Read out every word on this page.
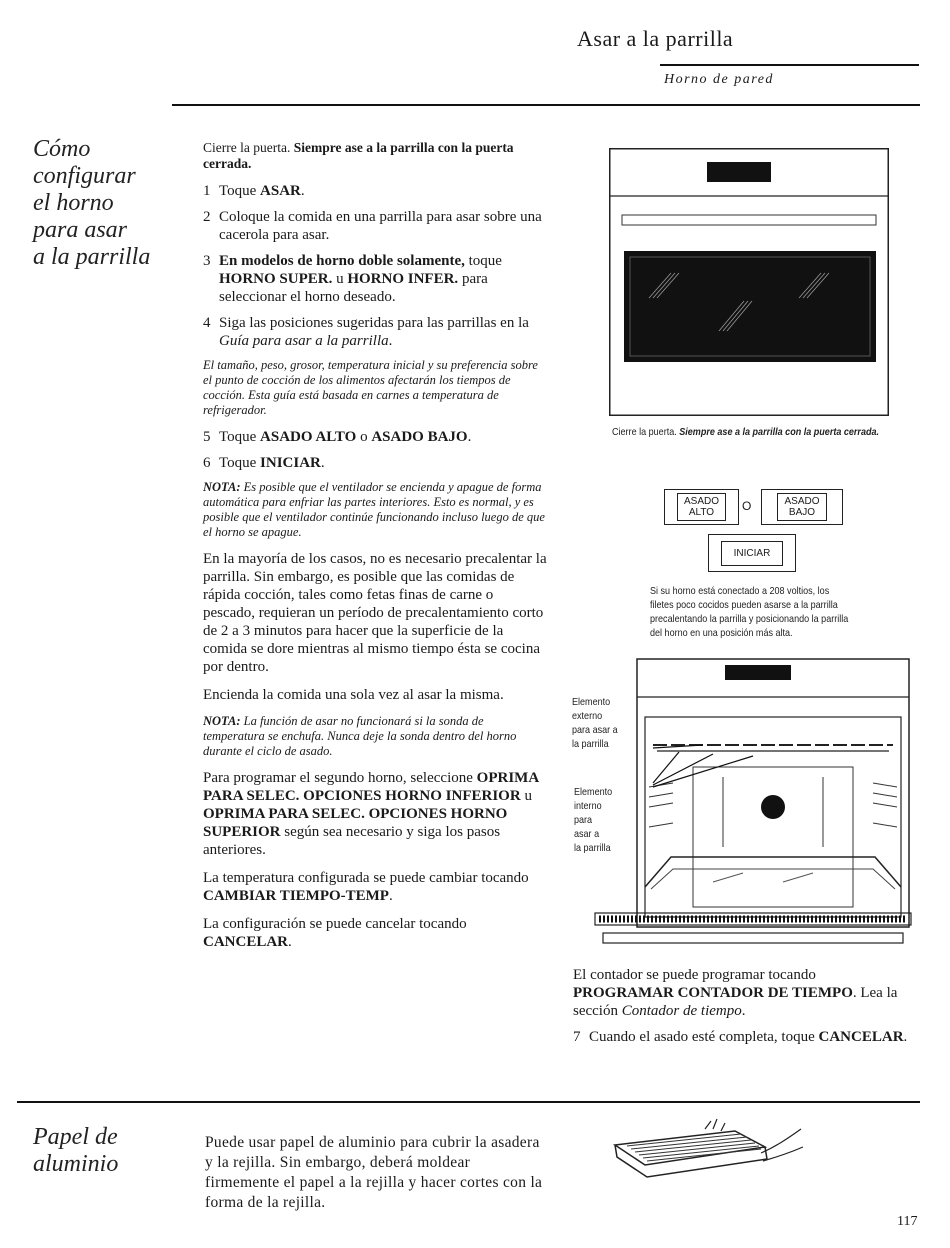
Asar a la parrilla
Horno de pared
Cómo
configurar
el horno
para asar
a la parrilla

Cierre la puerta. Siempre ase a la parrilla con la puerta cerrada.

1 Toque ASAR.
2 Coloque la comida en una parrilla para asar sobre una cacerola para asar.
3 En modelos de horno doble solamente, toque HORNO SUPER. u HORNO INFER. para seleccionar el horno deseado.
4 Siga las posiciones sugeridas para las parrillas en la Guía para asar a la parrilla.

El tamaño, peso, grosor, temperatura inicial y su preferencia sobre el punto de cocción de los alimentos afectarán los tiempos de cocción. Esta guía está basada en carnes a temperatura de refrigerador.

5 Toque ASADO ALTO o ASADO BAJO.
6 Toque INICIAR.

NOTA: Es posible que el ventilador se encienda y apague de forma automática para enfriar las partes interiores. Esto es normal, y es posible que el ventilador continúe funcionando incluso luego de que el horno se apague.

En la mayoría de los casos, no es necesario precalentar la parrilla. Sin embargo, es posible que las comidas de rápida cocción, tales como fetas finas de carne o pescado, requieran un período de precalentamiento corto de 2 a 3 minutos para hacer que la superficie de la comida se dore mientras al mismo tiempo ésta se cocina por dentro.

Encienda la comida una sola vez al asar la misma.

NOTA: La función de asar no funcionará si la sonda de temperatura se enchufa. Nunca deje la sonda dentro del horno durante el ciclo de asado.

Para programar el segundo horno, seleccione OPRIMA PARA SELEC. OPCIONES HORNO INFERIOR u OPRIMA PARA SELEC. OPCIONES HORNO SUPERIOR según sea necesario y siga los pasos anteriores.

La temperatura configurada se puede cambiar tocando CAMBIAR TIEMPO-TEMP.

La configuración se puede cancelar tocando CANCELAR.

Cierre la puerta. Siempre ase a la parrilla con la puerta cerrada.
ASADO
ALTO	O	ASADO
BAJO
INICIAR
Si su horno está conectado a 208 voltios, los filetes poco cocidos pueden asarse a la parrilla precalentando la parrilla y posicionando la parrilla del horno en una posición más alta.
Elemento
externo
para asar a
la parrilla
Elemento
interno
para
asar a
la parrilla

El contador se puede programar tocando PROGRAMAR CONTADOR DE TIEMPO. Lea la sección Contador de tiempo.

7 Cuando el asado esté completa, toque CANCELAR.
Papel de
aluminio
Puede usar papel de aluminio para cubrir la asadera y la rejilla. Sin embargo, deberá moldear firmemente el papel a la rejilla y hacer cortes con la forma de la rejilla.
117
